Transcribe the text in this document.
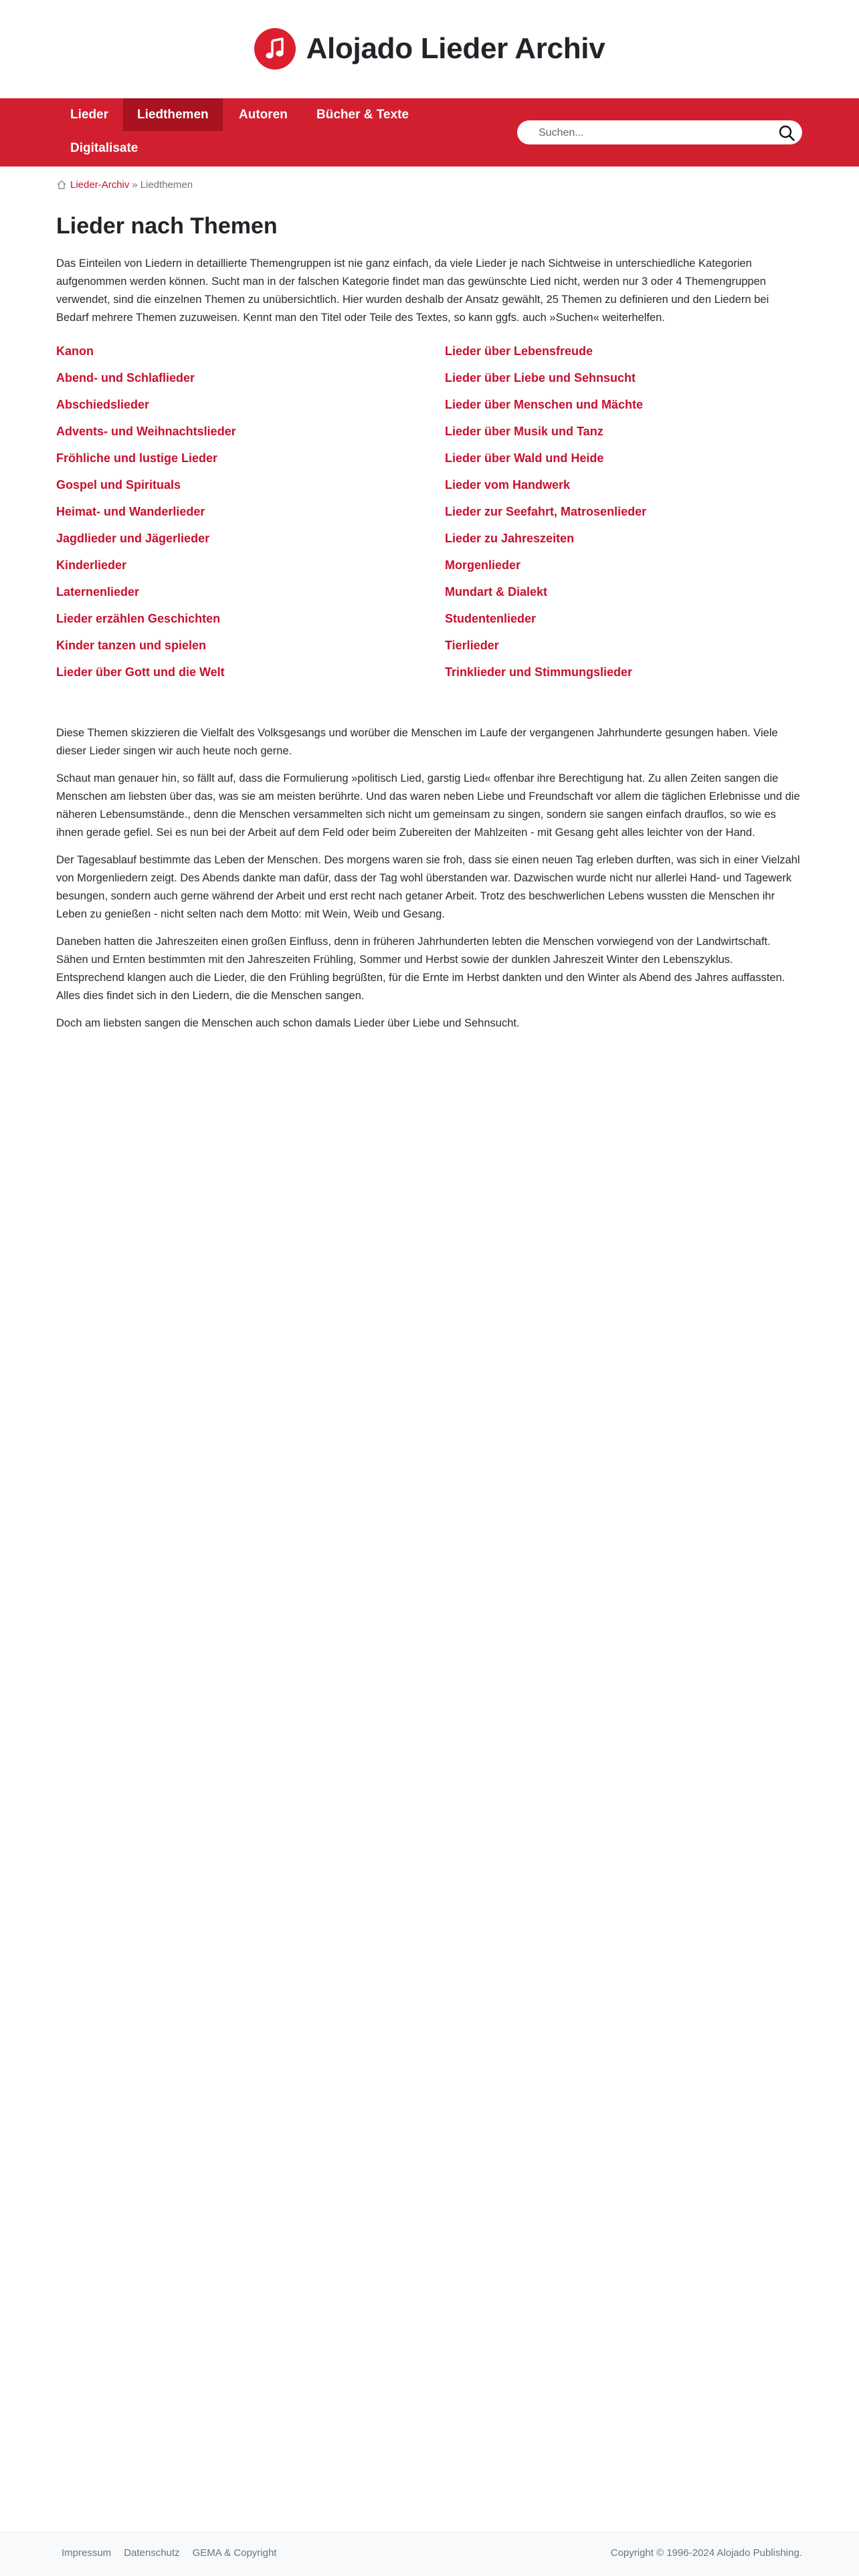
Alojado Lieder Archiv
Lieder	Liedthemen	Autoren	Bücher & Texte
Digitalisate
Suchen...
Lieder-Archiv » Liedthemen
Lieder nach Themen

Das Einteilen von Liedern in detaillierte Themengruppen ist nie ganz einfach, da viele Lieder je nach Sichtweise in unterschiedliche Kategorien aufgenommen werden können. Sucht man in der falschen Kategorie findet man das gewünschte Lied nicht, werden nur 3 oder 4 Themengruppen verwendet, sind die einzelnen Themen zu unübersichtlich. Hier wurden deshalb der Ansatz gewählt, 25 Themen zu definieren und den Liedern bei Bedarf mehrere Themen zuzuweisen. Kennt man den Titel oder Teile des Textes, so kann ggfs. auch »Suchen« weiterhelfen.

Kanon
Abend- und Schlaflieder
Abschiedslieder
Advents- und Weihnachtslieder
Fröhliche und lustige Lieder
Gospel und Spirituals
Heimat- und Wanderlieder
Jagdlieder und Jägerlieder
Kinderlieder
Laternenlieder
Lieder erzählen Geschichten
Kinder tanzen und spielen
Lieder über Gott und die Welt
Lieder über Lebensfreude
Lieder über Liebe und Sehnsucht
Lieder über Menschen und Mächte
Lieder über Musik und Tanz
Lieder über Wald und Heide
Lieder vom Handwerk
Lieder zur Seefahrt, Matrosenlieder
Lieder zu Jahreszeiten
Morgenlieder
Mundart & Dialekt
Studentenlieder
Tierlieder
Trinklieder und Stimmungslieder

Diese Themen skizzieren die Vielfalt des Volksgesangs und worüber die Menschen im Laufe der vergangenen Jahrhunderte gesungen haben. Viele dieser Lieder singen wir auch heute noch gerne.

Schaut man genauer hin, so fällt auf, dass die Formulierung »politisch Lied, garstig Lied« offenbar ihre Berechtigung hat. Zu allen Zeiten sangen die Menschen am liebsten über das, was sie am meisten berührte. Und das waren neben Liebe und Freundschaft vor allem die täglichen Erlebnisse und die näheren Lebensumstände., denn die Menschen versammelten sich nicht um gemeinsam zu singen, sondern sie sangen einfach drauflos, so wie es ihnen gerade gefiel. Sei es nun bei der Arbeit auf dem Feld oder beim Zubereiten der Mahlzeiten - mit Gesang geht alles leichter von der Hand.

Der Tagesablauf bestimmte das Leben der Menschen. Des morgens waren sie froh, dass sie einen neuen Tag erleben durften, was sich in einer Vielzahl von Morgenliedern zeigt. Des Abends dankte man dafür, dass der Tag wohl überstanden war. Dazwischen wurde nicht nur allerlei Hand- und Tagewerk besungen, sondern auch gerne während der Arbeit und erst recht nach getaner Arbeit. Trotz des beschwerlichen Lebens wussten die Menschen ihr Leben zu genießen - nicht selten nach dem Motto: mit Wein, Weib und Gesang.

Daneben hatten die Jahreszeiten einen großen Einfluss, denn in früheren Jahrhunderten lebten die Menschen vorwiegend von der Landwirtschaft. Sähen und Ernten bestimmten mit den Jahreszeiten Frühling, Sommer und Herbst sowie der dunklen Jahreszeit Winter den Lebenszyklus. Entsprechend klangen auch die Lieder, die den Frühling begrüßten, für die Ernte im Herbst dankten und den Winter als Abend des Jahres auffassten. Alles dies findet sich in den Liedern, die die Menschen sangen.

Doch am liebsten sangen die Menschen auch schon damals Lieder über Liebe und Sehnsucht.

Impressum Datenschutz GEMA & Copyright	Copyright © 1996-2024 Alojado Publishing.
